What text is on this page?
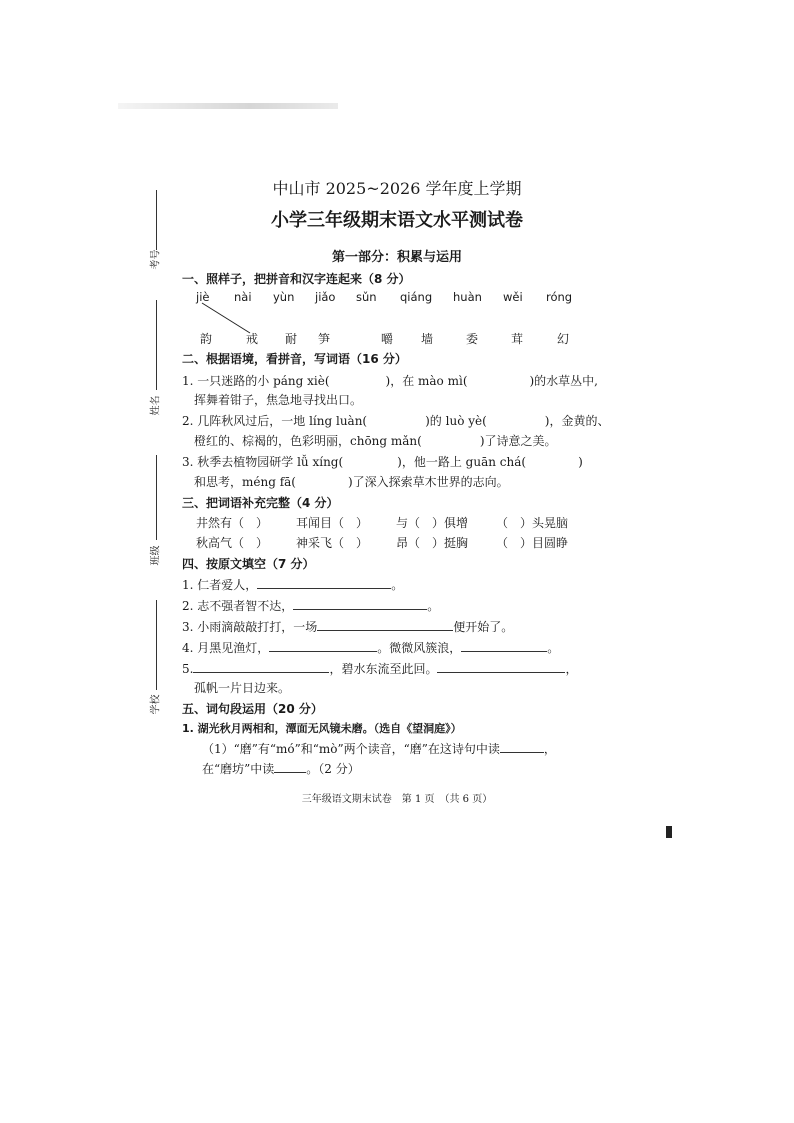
考号
姓名
班级
学校
中山市 2025~2026 学年度上学期
小学三年级期末语文水平测试卷
第一部分：积累与运用
一、照样子，把拼音和汉字连起来（8 分）
jiè nài yùn jiǎo sǔn qiáng huàn wěi róng
韵	戒 耐 笋	嚼 墙	委	茸	幻
二、根据语境，看拼音，写词语（16 分）
1. 一只迷路的小 páng xiè(	)，在 mào mì(	)的水草丛中,
挥舞着钳子，焦急地寻找出口。
2. 几阵秋风过后，一地 líng luàn(	)的 luò yè(	)，金黄的、
橙红的、棕褐的，色彩明丽，chōng mǎn(	)了诗意之美。
3. 秋季去植物园研学 lǚ xíng(	)，他一路上 guān chá(	)
和思考，méng fā(	)了深入探索草木世界的志向。
三、把词语补充完整（4 分）
井然有（　） 耳闻目（　） 与（　）俱增 （　）头晃脑
秋高气（　） 神采飞（　） 昂（　）挺胸 （　）目圆睁
四、按原文填空（7 分）
1. 仁者爱人，	。
2. 志不强者智不达，	。
3. 小雨滴敲敲打打，一场	便开始了。
4. 月黑见渔灯，	。微微风簇浪，	。
5.	，碧水东流至此回。	，
孤帆一片日边来。
五、词句段运用（20 分）
1. 湖光秋月两相和，潭面无风镜未磨。（选自《望洞庭》）
（1）“磨”有“mó”和“mò”两个读音，“磨”在这诗句中读	，
在“磨坊”中读	。（2 分）
三年级语文期末试卷　第 1 页　（共 6 页）
